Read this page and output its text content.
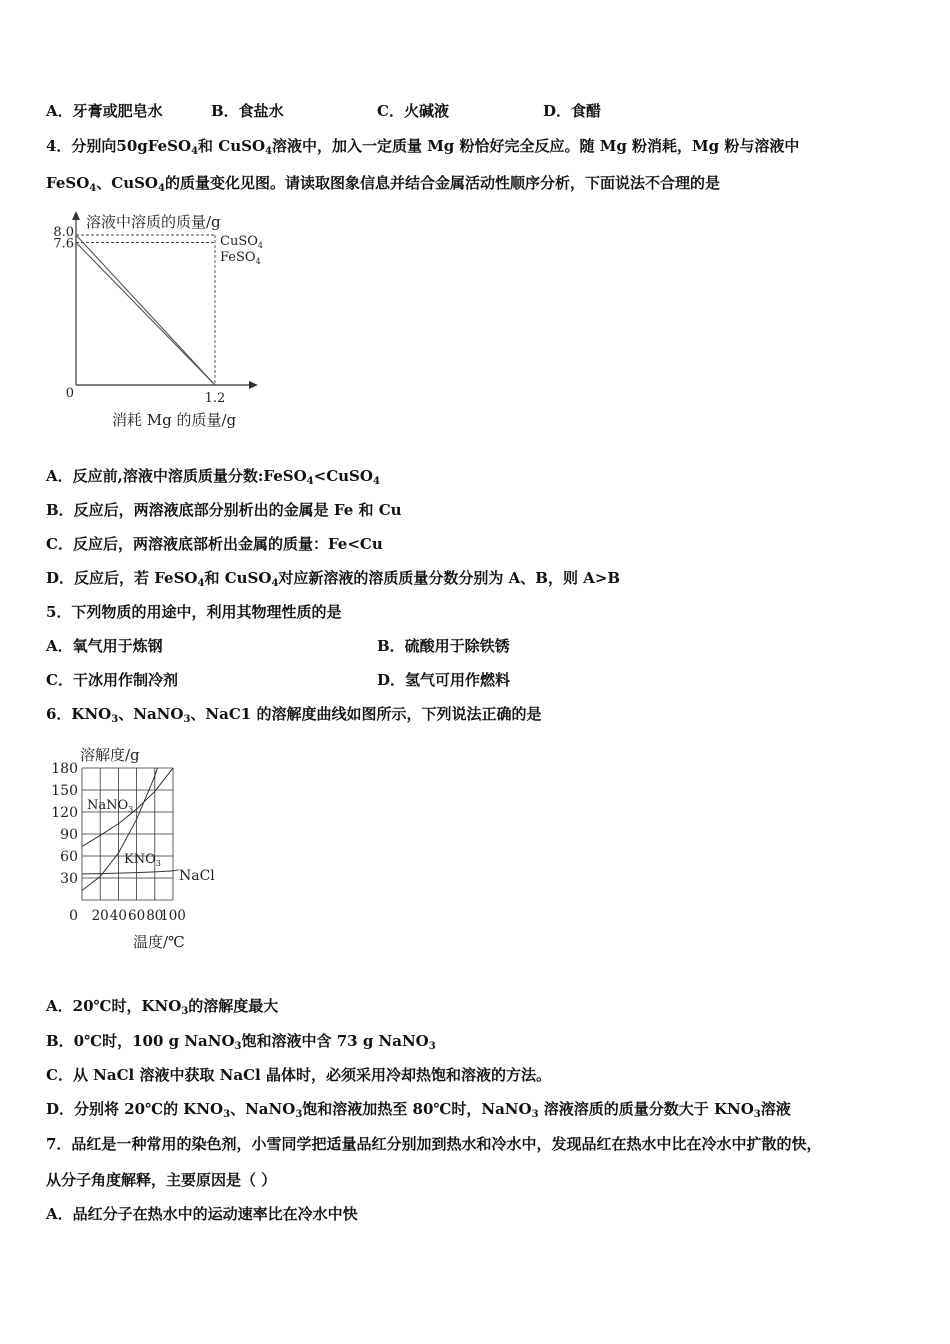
A．牙膏或肥皂水	B．食盐水	C．火碱液	D．食醋
4．分别向50gFeSO$_4$和 CuSO$_4$溶液中，加入一定质量 Mg 粉恰好完全反应。随 Mg 粉消耗，Mg 粉与溶液中
FeSO$_4$、CuSO$_4$的质量变化见图。请读取图象信息并结合金属活动性顺序分析，下面说法不合理的是
0	1.2
7.6
8.0
溶液中溶质的质量/g
消耗 Mg 的质量/g
CuSO$_4$
FeSO$_4$
A．反应前,溶液中溶质质量分数:FeSO$_4$<CuSO$_4$
B．反应后，两溶液底部分别析出的金属是 Fe 和 Cu
C．反应后，两溶液底部析出金属的质量：Fe<Cu
D．反应后，若 FeSO$_4$和 CuSO$_4$对应新溶液的溶质质量分数分别为 A、B，则 A>B
5．下列物质的用途中，利用其物理性质的是
A．氧气用于炼钢	B．硫酸用于除铁锈
C．干冰用作制冷剂	D．氢气可用作燃料
6．$KNO_3$、NaNO$_3$、NaC1 的溶解度曲线如图所示，下列说法正确的是
30
60
90
120
150
180
0 20 40 60 80
100
溶解度/g
温度/℃
NaNO$_3$
$KNO_3$
NaCl
A．20℃时，$KNO_3$的溶解度最大
B．0℃时，100 g NaNO$_3$饱和溶液中含 73 g NaNO$_3$
C．从 NaCl 溶液中获取 NaCl 晶体时，必须采用冷却热饱和溶液的方法。
D．分别将 20℃的 $KNO_3$、NaNO$_3$饱和溶液加热至 80℃时，NaNO$_3$ 溶液溶质的质量分数大于 $KNO_3$溶液
7．品红是一种常用的染色剂，小雪同学把适量品红分别加到热水和冷水中，发现品红在热水中比在冷水中扩散的快，
从分子角度解释，主要原因是（ ）
A．品红分子在热水中的运动速率比在冷水中快
